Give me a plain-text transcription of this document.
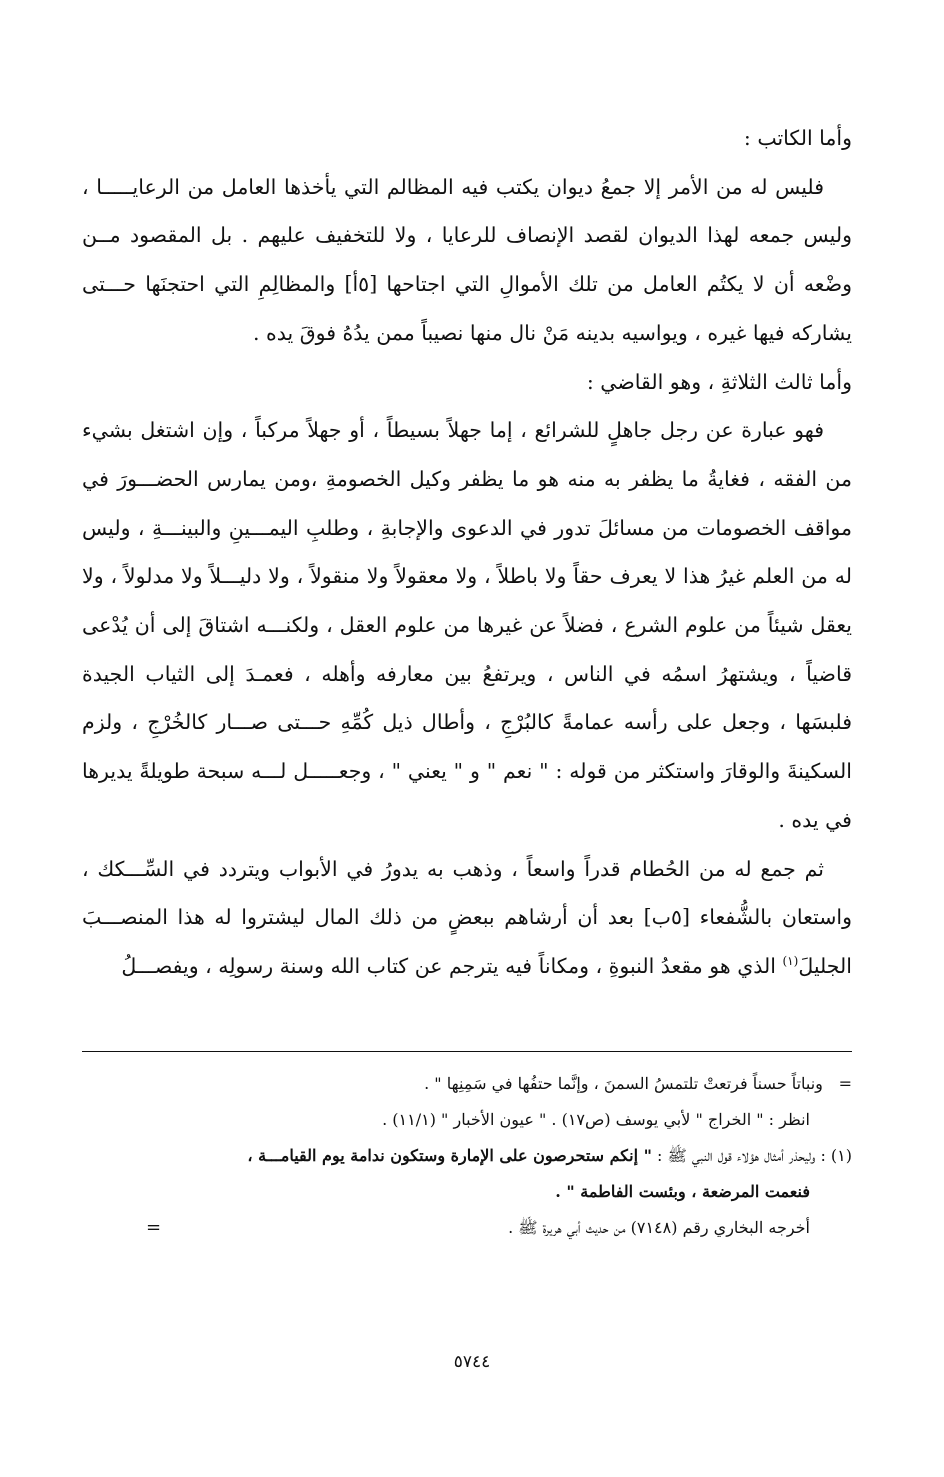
وأما الكاتب :

فليس له من الأمر إلا جمعُ ديوان يكتب فيه المظالم التي يأخذها العامل من الرعايـــــا ، وليس جمعه لهذا الديوان لقصد الإنصاف للرعايا ، ولا للتخفيف عليهم . بل المقصود مــن وضْعه أن لا يكتُم العامل من تلك الأموالِ التي اجتاحها [٥أ] والمظالِمِ التي احتجنَها حـــتى يشاركه فيها غيره ، ويواسيه بدينه مَنْ نال منها نصيباً ممن يدُهُ فوقَ يده .

وأما ثالث الثلاثةِ ، وهو القاضي :

فهو عبارة عن رجل جاهلٍ للشرائع ، إما جهلاً بسيطاً ، أو جهلاً مركباً ، وإن اشتغل بشيء من الفقه ، فغايةُ ما يظفر به منه هو ما يظفر وكيل الخصومةِ ،ومن يمارس الحضـــورَ في مواقف الخصومات من مسائلَ تدور في الدعوى والإجابةِ ، وطلبِ اليمـــينِ والبينـــةِ ، وليس له من العلم غيرُ هذا لا يعرف حقاً ولا باطلاً ، ولا معقولاً ولا منقولاً ، ولا دليـــلاً ولا مدلولاً ، ولا يعقل شيئاً من علوم الشرع ، فضلاً عن غيرها من علوم العقل ، ولكنـــه اشتاقَ إلى أن يُدْعى قاضياً ، ويشتهرُ اسمُه في الناس ، ويرتفعُ بين معارفه وأهله ، فعمـدَ إلى الثياب الجيدة فلبسَها ، وجعل على رأسه عمامةً كالبُرْجِ ، وأطال ذيل كُمِّهِ حـــتى صـــار كالخُرْجِ ، ولزم السكينةَ والوقارَ واستكثر من قوله : " نعم " و " يعني " ، وجعـــــل لـــه سبحة طويلةً يديرها في يده .

ثم جمع له من الحُطام قدراً واسعاً ، وذهب به يدورُ في الأبواب ويتردد في السِّـــكك ، واستعان بالشُّفعاء [٥ب] بعد أن أرشاهم ببعضٍ من ذلك المال ليشتروا له هذا المنصـــبَ الجليلَ$^{(١)}$ الذي هو مقعدُ النبوةِ ، ومكاناً فيه يترجم عن كتاب الله وسنة رسولِه ، ويفصـــلُ

= ونباتاً حسناً فرتعتْ تلتمسُ السمنَ ، وإنَّما حتفُها في سَمِنِها " .
انظر : " الخراج " لأبي يوسف (ص١٧) . " عيون الأخبار " (١١/١) .
(١) : وليحذر أمثال هؤلاء قول النبي ﷺ : " إنكم ستحرصون على الإمارة وستكون ندامة يوم القيامـــة ،
فنعمت المرضعة ، وبئست الفاطمة " .
أخرجه البخاري رقم (٧١٤٨) من حديث أبي هريرة ﷺ .
=
٥٧٤٤
